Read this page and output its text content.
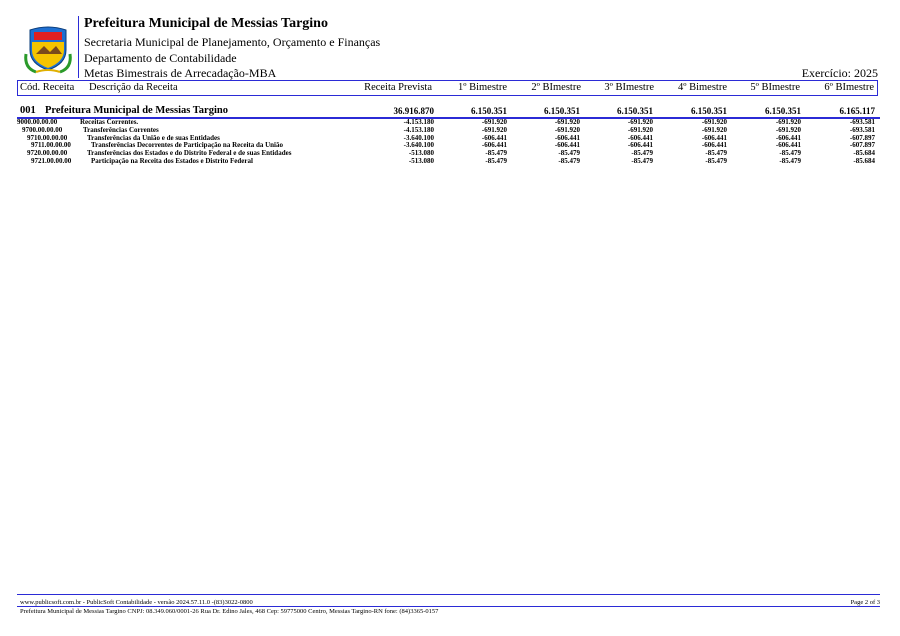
Prefeitura Municipal de Messias Targino
Secretaria Municipal de Planejamento, Orçamento e Finanças
Departamento de Contabilidade
Metas Bimestrais de Arrecadação-MBA	Exercício: 2025
Cód. Receita Descrição da Receita	Receita Prevista 1º Bimestre 2º BImestre 3º BImestre 4º Bimestre 5º BImestre 6º BImestre
001 Prefeitura Municipal de Messias Targino	36.916.870	6.150.351	6.150.351	6.150.351	6.150.351	6.150.351	6.165.117
9000.00.00.00	Receitas Correntes.	-4.153.180	-691.920	-691.920	-691.920	-691.920	-691.920	-693.581
9700.00.00.00	Transferências Correntes	-4.153.180	-691.920	-691.920	-691.920	-691.920	-691.920	-693.581
9710.00.00.00	Transferências da União e de suas Entidades	-3.640.100	-606.441	-606.441	-606.441	-606.441	-606.441	-607.897
9711.00.00.00	Transferências Decorrentes de Participação na Receita da União	-3.640.100	-606.441	-606.441	-606.441	-606.441	-606.441	-607.897
9720.00.00.00	Transferências dos Estados e do Distrito Federal e de suas Entidades	-513.080	-85.479	-85.479	-85.479	-85.479	-85.479	-85.684
9721.00.00.00	Participação na Receita dos Estados e Distrito Federal	-513.080	-85.479	-85.479	-85.479	-85.479	-85.479	-85.684
www.publicsoft.com.br - PublicSoft Contabilidade - versão 2024.57.11.0 -(83)3022-0800
Prefeitura Municipal de Messias Targino CNPJ: 08.349.060/0001-26 Rua Dr. Edino Jales, 468 Cep: 59775000 Centro, Messias Targino-RN fone: (84)3365-0157
Page 2 of 3
